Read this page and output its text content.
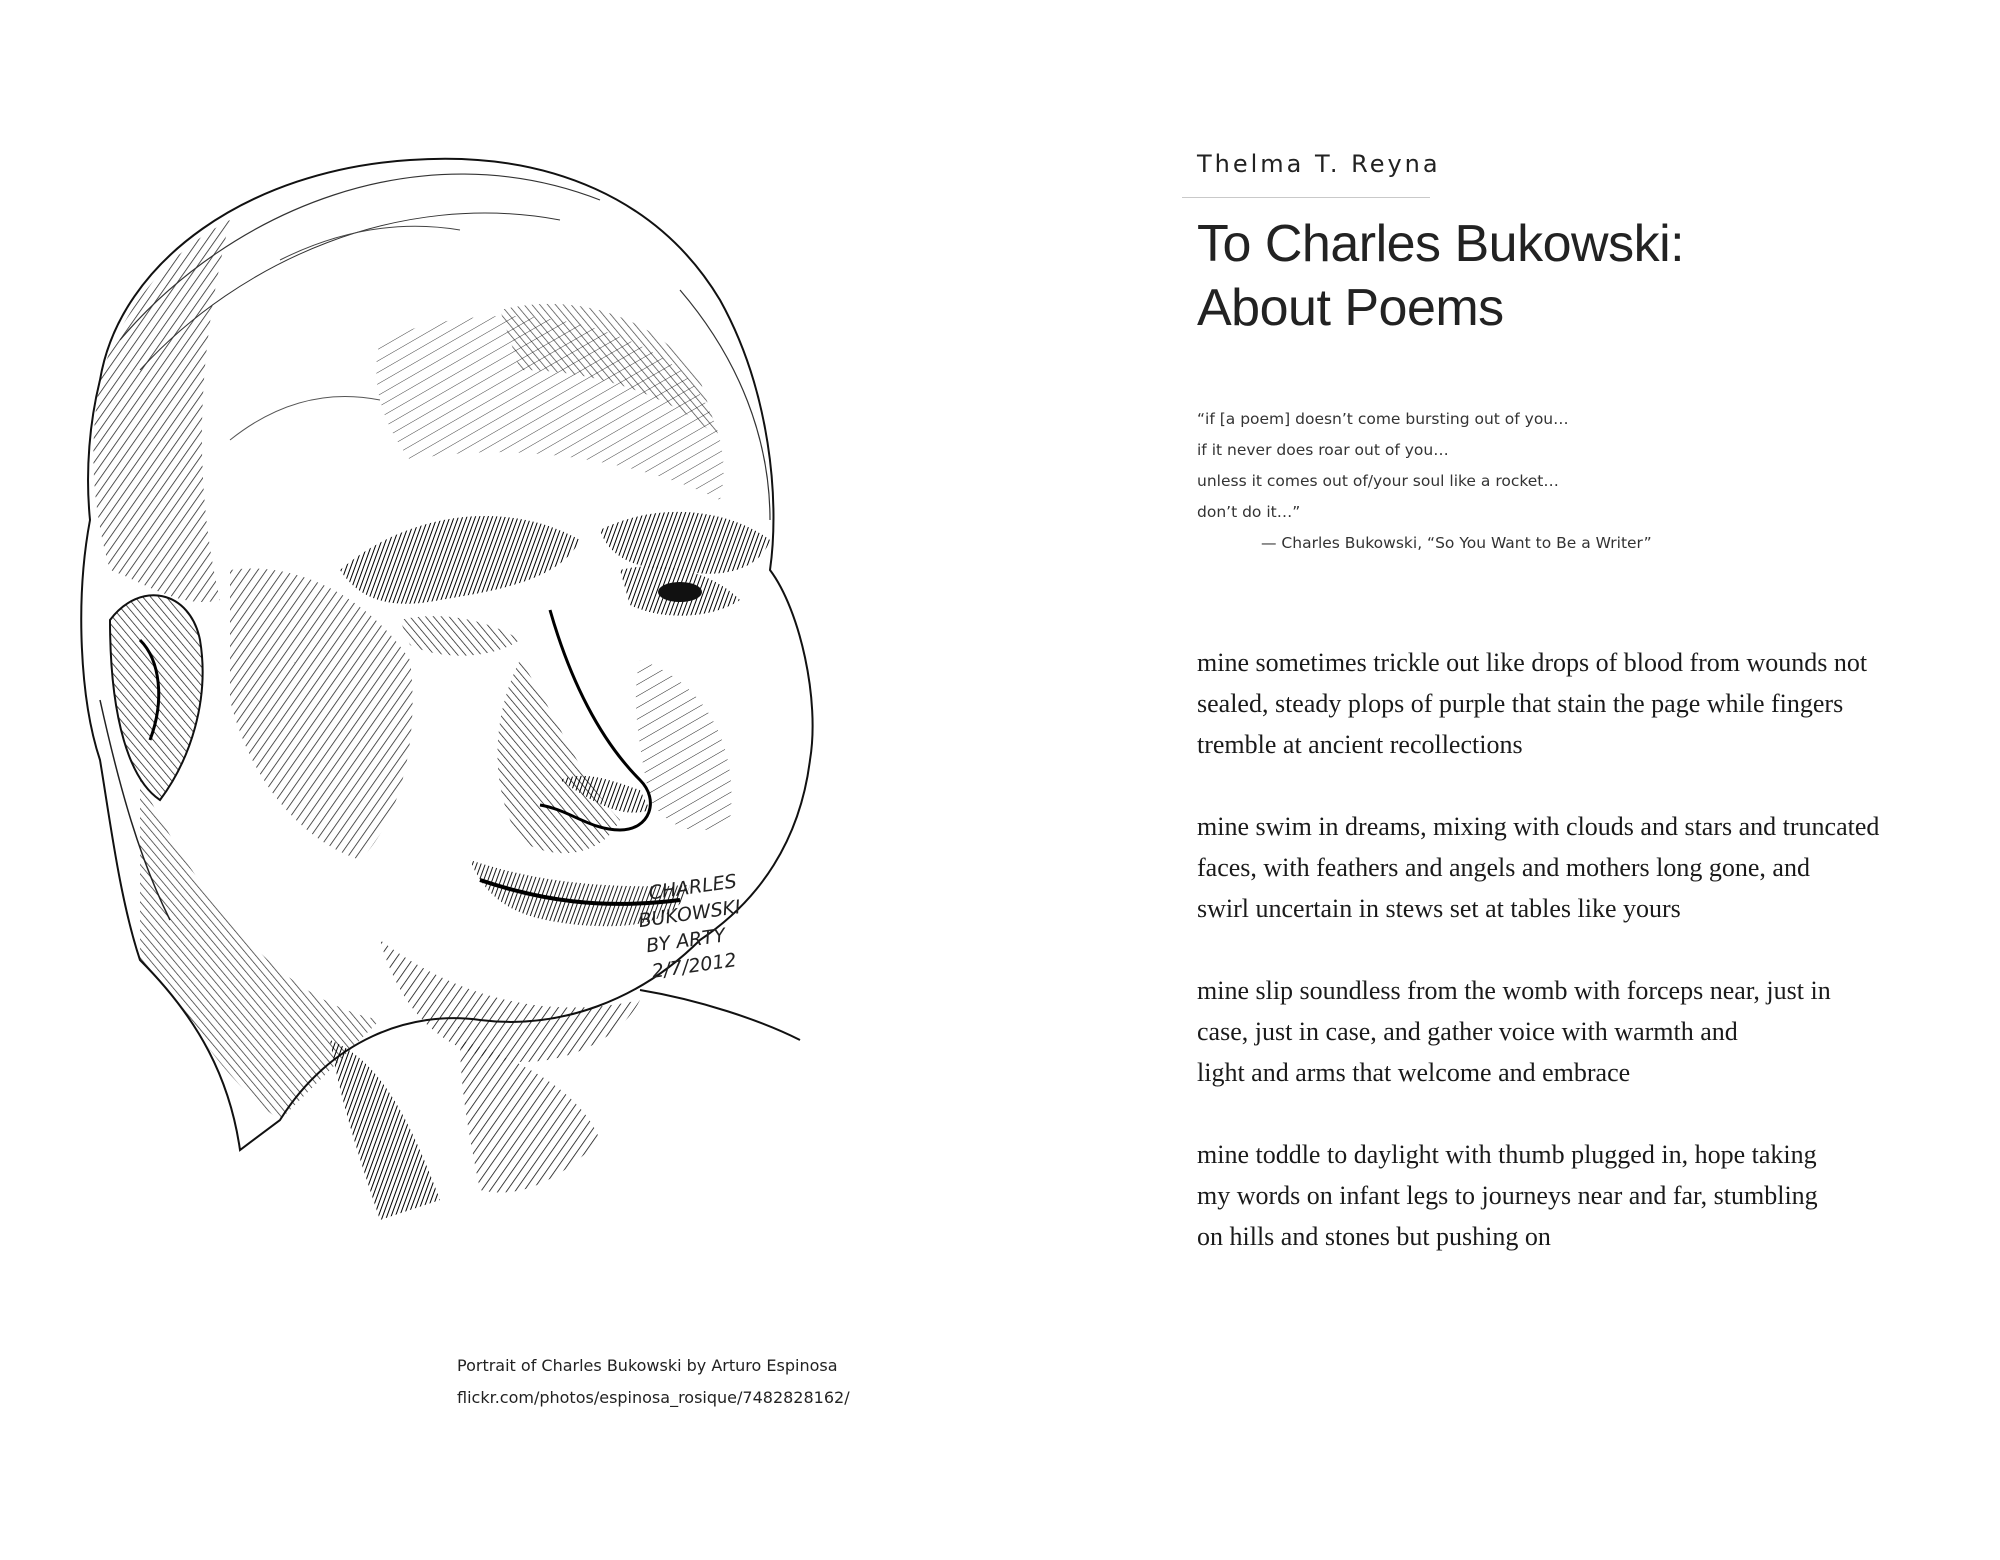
CHARLES
BUKOWSKI
BY ARTY
2/7/2012
Portrait of Charles Bukowski by Arturo Espinosa
flickr.com/photos/espinosa_rosique/7482828162/
Thelma T. Reyna
To Charles Bukowski:
About Poems
“if [a poem] doesn’t come bursting out of you…
if it never does roar out of you…
unless it comes out of/your soul like a rocket…
don’t do it…”
— Charles Bukowski, “So You Want to Be a Writer”
mine sometimes trickle out like drops of blood from wounds not
sealed, steady plops of purple that stain the page while fingers
tremble at ancient recollections
mine swim in dreams, mixing with clouds and stars and truncated
faces, with feathers and angels and mothers long gone, and
swirl uncertain in stews set at tables like yours
mine slip soundless from the womb with forceps near, just in
case, just in case, and gather voice with warmth and
light and arms that welcome and embrace
mine toddle to daylight with thumb plugged in, hope taking
my words on infant legs to journeys near and far, stumbling
on hills and stones but pushing on
